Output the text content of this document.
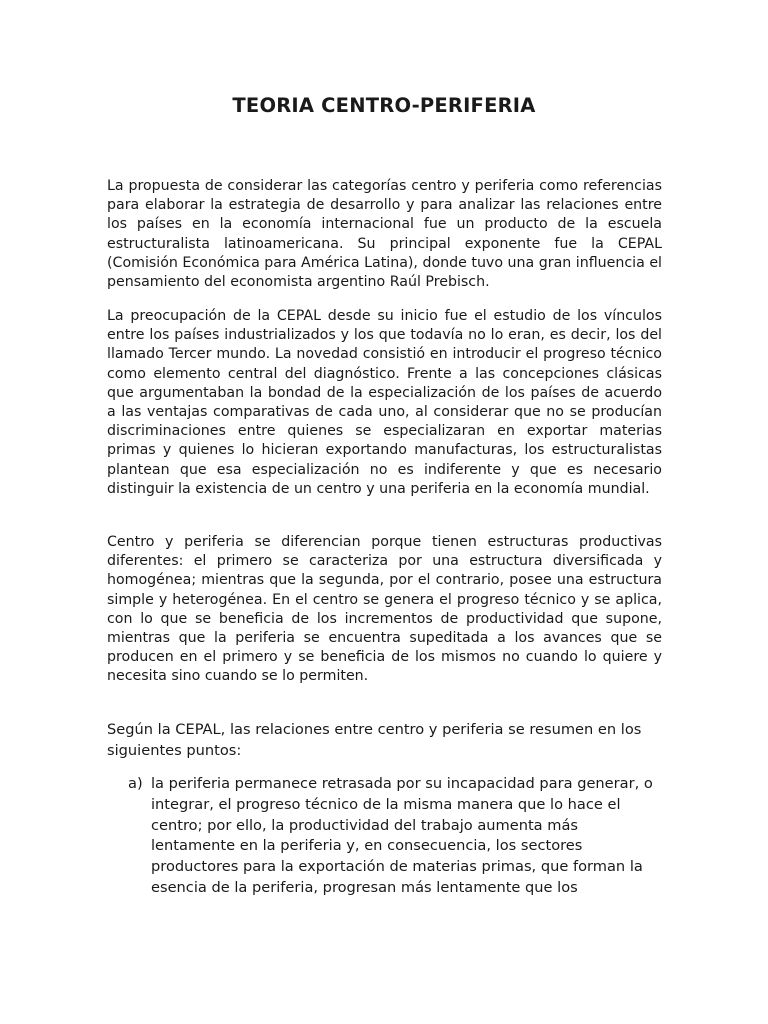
TEORIA CENTRO-PERIFERIA

La propuesta de considerar las categorías centro y periferia como referencias para elaborar la estrategia de desarrollo y para analizar las relaciones entre los países en la economía internacional fue un producto de la escuela estructuralista latinoamericana. Su principal exponente fue la CEPAL (Comisión Económica para América Latina), donde tuvo una gran influencia el pensamiento del economista argentino Raúl Prebisch.

La preocupación de la CEPAL desde su inicio fue el estudio de los vínculos entre los países industrializados y los que todavía no lo eran, es decir, los del llamado Tercer mundo. La novedad consistió en introducir el progreso técnico como elemento central del diagnóstico. Frente a las concepciones clásicas que argumentaban la bondad de la especialización de los países de acuerdo a las ventajas comparativas de cada uno, al considerar que no se producían discriminaciones entre quienes se especializaran en exportar materias primas y quienes lo hicieran exportando manufacturas, los estructuralistas plantean que esa especialización no es indiferente y que es necesario distinguir la existencia de un centro y una periferia en la economía mundial.

Centro y periferia se diferencian porque tienen estructuras productivas diferentes: el primero se caracteriza por una estructura diversificada y homogénea; mientras que la segunda, por el contrario, posee una estructura simple y heterogénea. En el centro se genera el progreso técnico y se aplica, con lo que se beneficia de los incrementos de productividad que supone, mientras que la periferia se encuentra supeditada a los avances que se producen en el primero y se beneficia de los mismos no cuando lo quiere y necesita sino cuando se lo permiten.

Según la CEPAL, las relaciones entre centro y periferia se resumen en los siguientes puntos:

a) la periferia permanece retrasada por su incapacidad para generar, o integrar, el progreso técnico de la misma manera que lo hace el centro; por ello, la productividad del trabajo aumenta más lentamente en la periferia y, en consecuencia, los sectores productores para la exportación de materias primas, que forman la esencia de la periferia, progresan más lentamente que los
